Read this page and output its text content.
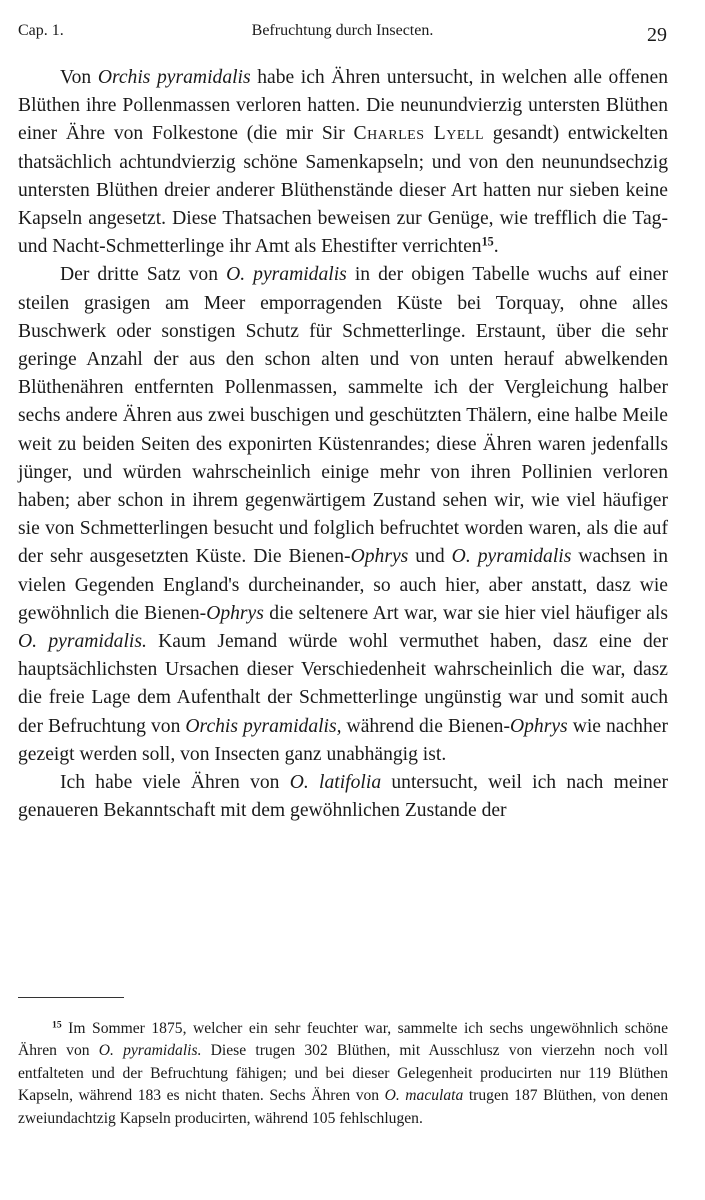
Cap. 1.	Befruchtung durch Insecten.	29

Von Orchis pyramidalis habe ich Ähren untersucht, in welchen alle offenen Blüthen ihre Pollenmassen verloren hatten. Die neunundvierzig untersten Blüthen einer Ähre von Folkestone (die mir Sir Charles Lyell gesandt) entwickelten thatsächlich achtundvierzig schöne Samenkapseln; und von den neunundsechzig untersten Blüthen dreier anderer Blüthenstände dieser Art hatten nur sieben keine Kapseln angesetzt. Diese Thatsachen beweisen zur Genüge, wie trefflich die Tag- und Nacht-Schmetterlinge ihr Amt als Ehestifter verrichten$^{15}$.

Der dritte Satz von O. pyramidalis in der obigen Tabelle wuchs auf einer steilen grasigen am Meer emporragenden Küste bei Torquay, ohne alles Buschwerk oder sonstigen Schutz für Schmetterlinge. Erstaunt, über die sehr geringe Anzahl der aus den schon alten und von unten herauf abwelkenden Blüthenähren entfernten Pollenmassen, sammelte ich der Vergleichung halber sechs andere Ähren aus zwei buschigen und geschützten Thälern, eine halbe Meile weit zu beiden Seiten des exponirten Küstenrandes; diese Ähren waren jedenfalls jünger, und würden wahrscheinlich einige mehr von ihren Pollinien verloren haben; aber schon in ihrem gegenwärtigem Zustand sehen wir, wie viel häufiger sie von Schmetterlingen besucht und folglich befruchtet worden waren, als die auf der sehr ausgesetzten Küste. Die Bienen-Ophrys und O. pyramidalis wachsen in vielen Gegenden England's durcheinander, so auch hier, aber anstatt, dasz wie gewöhnlich die Bienen-Ophrys die seltenere Art war, war sie hier viel häufiger als O. pyramidalis. Kaum Jemand würde wohl vermuthet haben, dasz eine der hauptsächlichsten Ursachen dieser Verschiedenheit wahrscheinlich die war, dasz die freie Lage dem Aufenthalt der Schmetterlinge ungünstig war und somit auch der Befruchtung von Orchis pyramidalis, während die Bienen-Ophrys wie nachher gezeigt werden soll, von Insecten ganz unabhängig ist.

Ich habe viele Ähren von O. latifolia untersucht, weil ich nach meiner genaueren Bekanntschaft mit dem gewöhnlichen Zustande der

$^{15}$ Im Sommer 1875, welcher ein sehr feuchter war, sammelte ich sechs ungewöhnlich schöne Ähren von O. pyramidalis. Diese trugen 302 Blüthen, mit Ausschlusz von vierzehn noch voll entfalteten und der Befruchtung fähigen; und bei dieser Gelegenheit producirten nur 119 Blüthen Kapseln, während 183 es nicht thaten. Sechs Ähren von O. maculata trugen 187 Blüthen, von denen zweiundachtzig Kapseln producirten, während 105 fehlschlugen.
